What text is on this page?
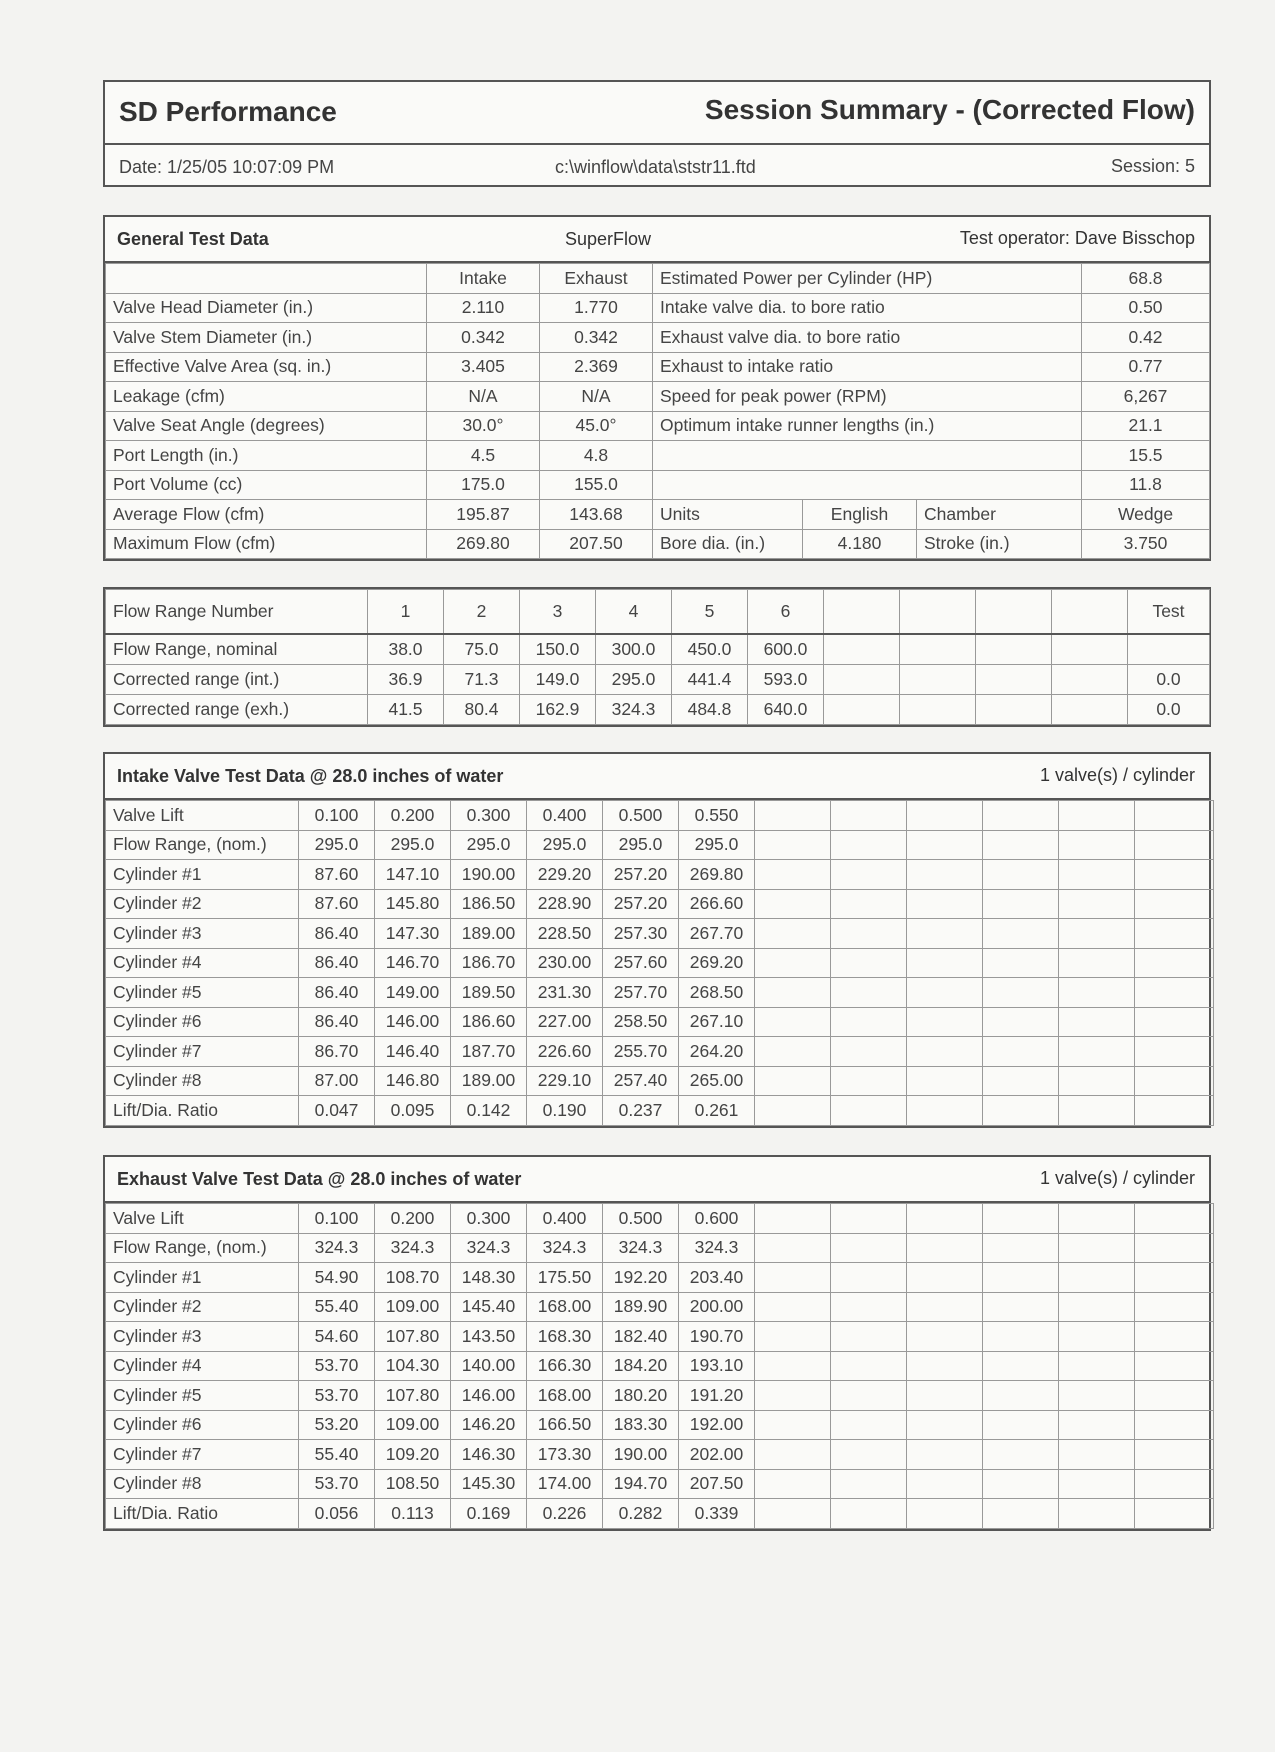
SD Performance	Session Summary - (Corrected Flow)
Date: 1/25/05 10:07:09 PM	c:\winflow\data\ststr11.ftd	Session: 5
General Test Data	SuperFlow	Test operator: Dave Bisschop
	Intake	Exhaust	Estimated Power per Cylinder (HP)			68.8
Valve Head Diameter (in.)	2.110	1.770	Intake valve dia. to bore ratio			0.50
Valve Stem Diameter (in.)	0.342	0.342	Exhaust valve dia. to bore ratio			0.42
Effective Valve Area (sq. in.)	3.405	2.369	Exhaust to intake ratio			0.77
Leakage (cfm)	N/A	N/A	Speed for peak power (RPM)			6,267
Valve Seat Angle (degrees)	30.0°	45.0°	Optimum intake runner lengths (in.)			21.1
Port Length (in.)	4.5	4.8				15.5
Port Volume (cc)	175.0	155.0				11.8
Average Flow (cfm)	195.87	143.68	Units	English	Chamber	Wedge
Maximum Flow (cfm)	269.80	207.50	Bore dia. (in.)	4.180	Stroke (in.)	3.750
Flow Range Number	1	2	3	4	5	6					Test
Flow Range, nominal	38.0	75.0	150.0	300.0	450.0	600.0					
Corrected range (int.)	36.9	71.3	149.0	295.0	441.4	593.0					0.0
Corrected range (exh.)	41.5	80.4	162.9	324.3	484.8	640.0					0.0
Intake Valve Test Data @ 28.0 inches of water	1 valve(s) / cylinder
Valve Lift	0.100	0.200	0.300	0.400	0.500	0.550						
Flow Range, (nom.)	295.0	295.0	295.0	295.0	295.0	295.0						
Cylinder #1	87.60	147.10	190.00	229.20	257.20	269.80						
Cylinder #2	87.60	145.80	186.50	228.90	257.20	266.60						
Cylinder #3	86.40	147.30	189.00	228.50	257.30	267.70						
Cylinder #4	86.40	146.70	186.70	230.00	257.60	269.20						
Cylinder #5	86.40	149.00	189.50	231.30	257.70	268.50						
Cylinder #6	86.40	146.00	186.60	227.00	258.50	267.10						
Cylinder #7	86.70	146.40	187.70	226.60	255.70	264.20						
Cylinder #8	87.00	146.80	189.00	229.10	257.40	265.00						
Lift/Dia. Ratio	0.047	0.095	0.142	0.190	0.237	0.261						
Exhaust Valve Test Data @ 28.0 inches of water	1 valve(s) / cylinder
Valve Lift	0.100	0.200	0.300	0.400	0.500	0.600						
Flow Range, (nom.)	324.3	324.3	324.3	324.3	324.3	324.3						
Cylinder #1	54.90	108.70	148.30	175.50	192.20	203.40						
Cylinder #2	55.40	109.00	145.40	168.00	189.90	200.00						
Cylinder #3	54.60	107.80	143.50	168.30	182.40	190.70						
Cylinder #4	53.70	104.30	140.00	166.30	184.20	193.10						
Cylinder #5	53.70	107.80	146.00	168.00	180.20	191.20						
Cylinder #6	53.20	109.00	146.20	166.50	183.30	192.00						
Cylinder #7	55.40	109.20	146.30	173.30	190.00	202.00						
Cylinder #8	53.70	108.50	145.30	174.00	194.70	207.50						
Lift/Dia. Ratio	0.056	0.113	0.169	0.226	0.282	0.339						
